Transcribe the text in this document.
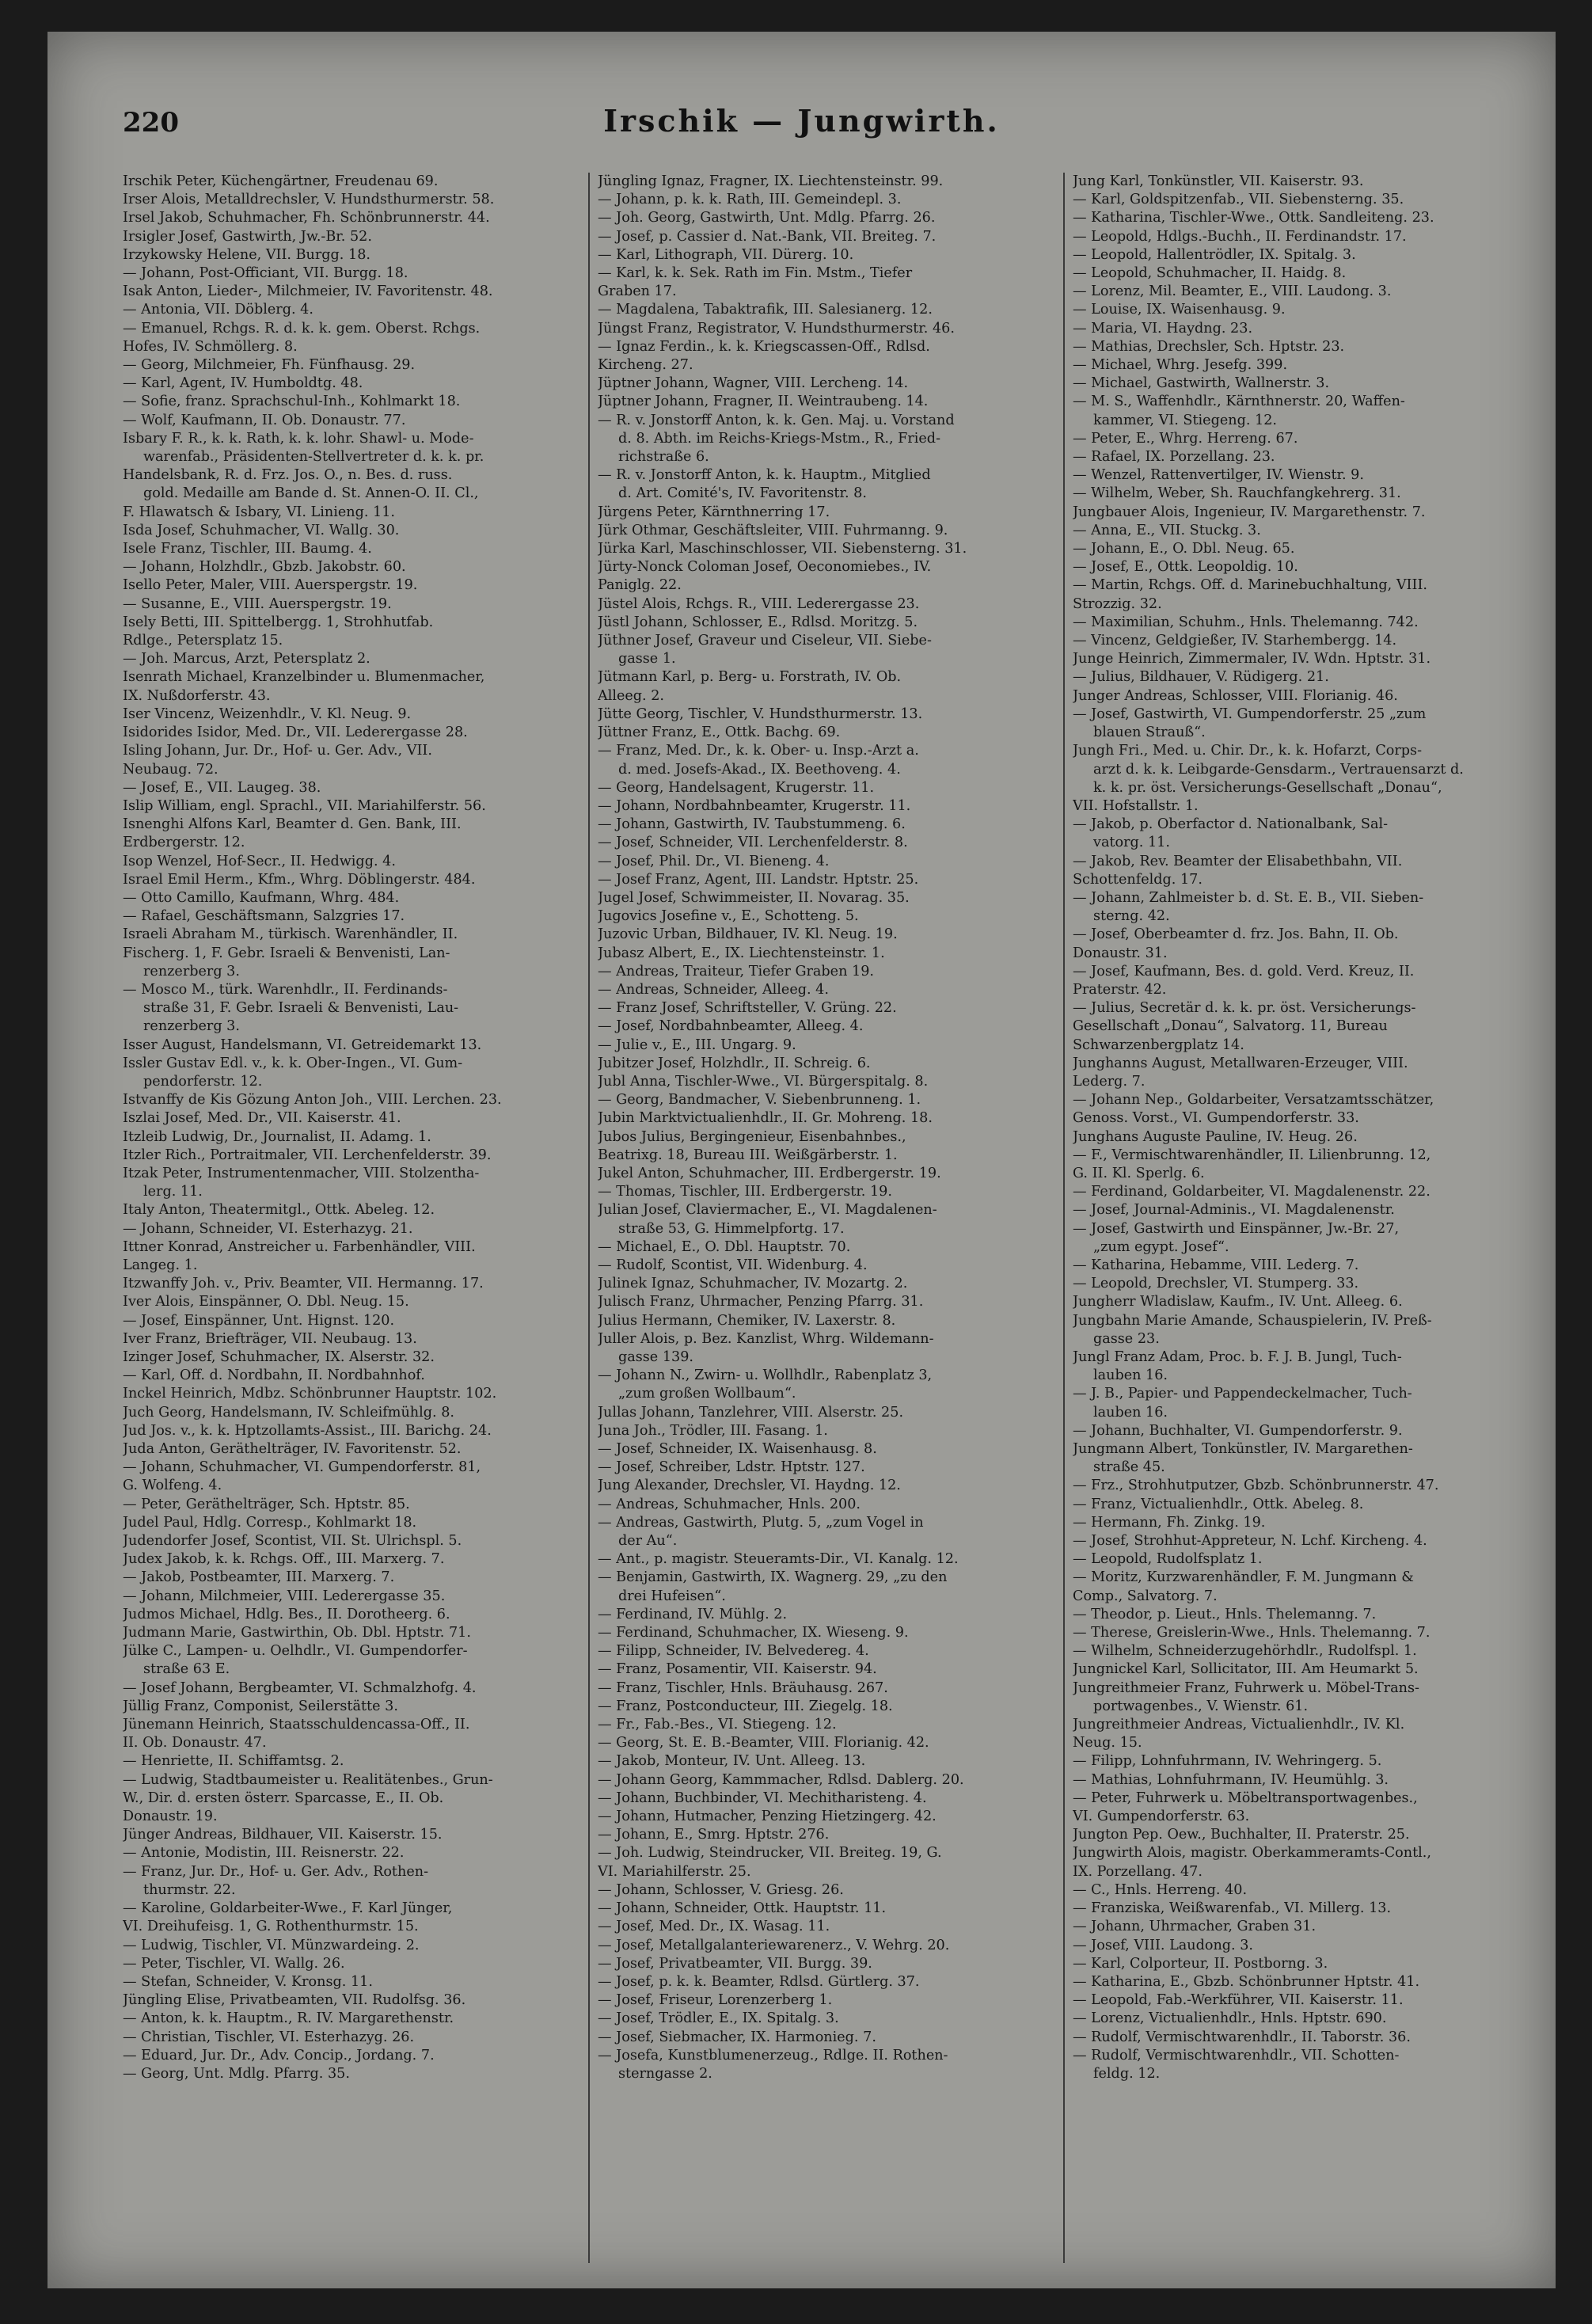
220	Irschik — Jungwirth.
Irschik Peter, Küchengärtner, Freudenau 69.
Irser Alois, Metalldrechsler, V. Hundsthurmerstr. 58.
Irsel Jakob, Schuhmacher, Fh. Schönbrunnerstr. 44.
Irsigler Josef, Gastwirth, Jw.-Br. 52.
Irzykowsky Helene, VII. Burgg. 18.
— Johann, Post-Officiant, VII. Burgg. 18.
Isak Anton, Lieder-, Milchmeier, IV. Favoritenstr. 48.
— Antonia, VII. Döblerg. 4.
— Emanuel, Rchgs. R. d. k. k. gem. Oberst. Rchgs.
Hofes, IV. Schmöllerg. 8.
— Georg, Milchmeier, Fh. Fünfhausg. 29.
— Karl, Agent, IV. Humboldtg. 48.
— Sofie, franz. Sprachschul-Inh., Kohlmarkt 18.
— Wolf, Kaufmann, II. Ob. Donaustr. 77.
Isbary F. R., k. k. Rath, k. k. lohr. Shawl- u. Mode-
warenfab., Präsidenten-Stellvertreter d. k. k. pr.
Handelsbank, R. d. Frz. Jos. O., n. Bes. d. russ.
gold. Medaille am Bande d. St. Annen-O. II. Cl.,
F. Hlawatsch & Isbary, VI. Linieng. 11.
Isda Josef, Schuhmacher, VI. Wallg. 30.
Isele Franz, Tischler, III. Baumg. 4.
— Johann, Holzhdlr., Gbzb. Jakobstr. 60.
Isello Peter, Maler, VIII. Auerspergstr. 19.
— Susanne, E., VIII. Auerspergstr. 19.
Isely Betti, III. Spittelbergg. 1, Strohhutfab.
Rdlge., Petersplatz 15.
— Joh. Marcus, Arzt, Petersplatz 2.
Isenrath Michael, Kranzelbinder u. Blumenmacher,
IX. Nußdorferstr. 43.
Iser Vincenz, Weizenhdlr., V. Kl. Neug. 9.
Isidorides Isidor, Med. Dr., VII. Lederergasse 28.
Isling Johann, Jur. Dr., Hof- u. Ger. Adv., VII.
Neubaug. 72.
— Josef, E., VII. Laugeg. 38.
Islip William, engl. Sprachl., VII. Mariahilferstr. 56.
Isnenghi Alfons Karl, Beamter d. Gen. Bank, III.
Erdbergerstr. 12.
Isop Wenzel, Hof-Secr., II. Hedwigg. 4.
Israel Emil Herm., Kfm., Whrg. Döblingerstr. 484.
— Otto Camillo, Kaufmann, Whrg. 484.
— Rafael, Geschäftsmann, Salzgries 17.
Israeli Abraham M., türkisch. Warenhändler, II.
Fischerg. 1, F. Gebr. Israeli & Benvenisti, Lan-
renzerberg 3.
— Mosco M., türk. Warenhdlr., II. Ferdinands-
straße 31, F. Gebr. Israeli & Benvenisti, Lau-
renzerberg 3.
Isser August, Handelsmann, VI. Getreidemarkt 13.
Issler Gustav Edl. v., k. k. Ober-Ingen., VI. Gum-
pendorferstr. 12.
Istvanffy de Kis Gözung Anton Joh., VIII. Lerchen. 23.
Iszlai Josef, Med. Dr., VII. Kaiserstr. 41.
Itzleib Ludwig, Dr., Journalist, II. Adamg. 1.
Itzler Rich., Portraitmaler, VII. Lerchenfelderstr. 39.
Itzak Peter, Instrumentenmacher, VIII. Stolzentha-
lerg. 11.
Italy Anton, Theatermitgl., Ottk. Abeleg. 12.
— Johann, Schneider, VI. Esterhazyg. 21.
Ittner Konrad, Anstreicher u. Farbenhändler, VIII.
Langeg. 1.
Itzwanffy Joh. v., Priv. Beamter, VII. Hermanng. 17.
Iver Alois, Einspänner, O. Dbl. Neug. 15.
— Josef, Einspänner, Unt. Hignst. 120.
Iver Franz, Briefträger, VII. Neubaug. 13.
Izinger Josef, Schuhmacher, IX. Alserstr. 32.
— Karl, Off. d. Nordbahn, II. Nordbahnhof.
Inckel Heinrich, Mdbz. Schönbrunner Hauptstr. 102.
Juch Georg, Handelsmann, IV. Schleifmühlg. 8.
Jud Jos. v., k. k. Hptzollamts-Assist., III. Barichg. 24.
Juda Anton, Geräthelträger, IV. Favoritenstr. 52.
— Johann, Schuhmacher, VI. Gumpendorferstr. 81,
G. Wolfeng. 4.
— Peter, Geräthelträger, Sch. Hptstr. 85.
Judel Paul, Hdlg. Corresp., Kohlmarkt 18.
Judendorfer Josef, Scontist, VII. St. Ulrichspl. 5.
Judex Jakob, k. k. Rchgs. Off., III. Marxerg. 7.
— Jakob, Postbeamter, III. Marxerg. 7.
— Johann, Milchmeier, VIII. Lederergasse 35.
Judmos Michael, Hdlg. Bes., II. Dorotheerg. 6.
Judmann Marie, Gastwirthin, Ob. Dbl. Hptstr. 71.
Jülke C., Lampen- u. Oelhdlr., VI. Gumpendorfer-
straße 63 E.
— Josef Johann, Bergbeamter, VI. Schmalzhofg. 4.
Jüllig Franz, Componist, Seilerstätte 3.
Jünemann Heinrich, Staatsschuldencassa-Off., II.
II. Ob. Donaustr. 47.
— Henriette, II. Schiffamtsg. 2.
— Ludwig, Stadtbaumeister u. Realitätenbes., Grun-
W., Dir. d. ersten österr. Sparcasse, E., II. Ob.
Donaustr. 19.
Jünger Andreas, Bildhauer, VII. Kaiserstr. 15.
— Antonie, Modistin, III. Reisnerstr. 22.
— Franz, Jur. Dr., Hof- u. Ger. Adv., Rothen-
thurmstr. 22.
— Karoline, Goldarbeiter-Wwe., F. Karl Jünger,
VI. Dreihufeisg. 1, G. Rothenthurmstr. 15.
— Ludwig, Tischler, VI. Münzwardeing. 2.
— Peter, Tischler, VI. Wallg. 26.
— Stefan, Schneider, V. Kronsg. 11.
Jüngling Elise, Privatbeamten, VII. Rudolfsg. 36.
— Anton, k. k. Hauptm., R. IV. Margarethenstr.
— Christian, Tischler, VI. Esterhazyg. 26.
— Eduard, Jur. Dr., Adv. Concip., Jordang. 7.
— Georg, Unt. Mdlg. Pfarrg. 35.
Jüngling Ignaz, Fragner, IX. Liechtensteinstr. 99.
— Johann, p. k. k. Rath, III. Gemeindepl. 3.
— Joh. Georg, Gastwirth, Unt. Mdlg. Pfarrg. 26.
— Josef, p. Cassier d. Nat.-Bank, VII. Breiteg. 7.
— Karl, Lithograph, VII. Dürerg. 10.
— Karl, k. k. Sek. Rath im Fin. Mstm., Tiefer
Graben 17.
— Magdalena, Tabaktrafik, III. Salesianerg. 12.
Jüngst Franz, Registrator, V. Hundsthurmerstr. 46.
— Ignaz Ferdin., k. k. Kriegscassen-Off., Rdlsd.
Kircheng. 27.
Jüptner Johann, Wagner, VIII. Lercheng. 14.
Jüptner Johann, Fragner, II. Weintraubeng. 14.
— R. v. Jonstorff Anton, k. k. Gen. Maj. u. Vorstand
d. 8. Abth. im Reichs-Kriegs-Mstm., R., Fried-
richstraße 6.
— R. v. Jonstorff Anton, k. k. Hauptm., Mitglied
d. Art. Comité's, IV. Favoritenstr. 8.
Jürgens Peter, Kärnthnerring 17.
Jürk Othmar, Geschäftsleiter, VIII. Fuhrmanng. 9.
Jürka Karl, Maschinschlosser, VII. Siebensterng. 31.
Jürty-Nonck Coloman Josef, Oeconomiebes., IV.
Paniglg. 22.
Jüstel Alois, Rchgs. R., VIII. Lederergasse 23.
Jüstl Johann, Schlosser, E., Rdlsd. Moritzg. 5.
Jüthner Josef, Graveur und Ciseleur, VII. Siebe-
gasse 1.
Jütmann Karl, p. Berg- u. Forstrath, IV. Ob.
Alleeg. 2.
Jütte Georg, Tischler, V. Hundsthurmerstr. 13.
Jüttner Franz, E., Ottk. Bachg. 69.
— Franz, Med. Dr., k. k. Ober- u. Insp.-Arzt a.
d. med. Josefs-Akad., IX. Beethoveng. 4.
— Georg, Handelsagent, Krugerstr. 11.
— Johann, Nordbahnbeamter, Krugerstr. 11.
— Johann, Gastwirth, IV. Taubstummeng. 6.
— Josef, Schneider, VII. Lerchenfelderstr. 8.
— Josef, Phil. Dr., VI. Bieneng. 4.
— Josef Franz, Agent, III. Landstr. Hptstr. 25.
Jugel Josef, Schwimmeister, II. Novarag. 35.
Jugovics Josefine v., E., Schotteng. 5.
Juzovic Urban, Bildhauer, IV. Kl. Neug. 19.
Jubasz Albert, E., IX. Liechtensteinstr. 1.
— Andreas, Traiteur, Tiefer Graben 19.
— Andreas, Schneider, Alleeg. 4.
— Franz Josef, Schriftsteller, V. Grüng. 22.
— Josef, Nordbahnbeamter, Alleeg. 4.
— Julie v., E., III. Ungarg. 9.
Jubitzer Josef, Holzhdlr., II. Schreig. 6.
Jubl Anna, Tischler-Wwe., VI. Bürgerspitalg. 8.
— Georg, Bandmacher, V. Siebenbrunneng. 1.
Jubin Marktvictualienhdlr., II. Gr. Mohreng. 18.
Jubos Julius, Bergingenieur, Eisenbahnbes.,
Beatrixg. 18, Bureau III. Weißgärberstr. 1.
Jukel Anton, Schuhmacher, III. Erdbergerstr. 19.
— Thomas, Tischler, III. Erdbergerstr. 19.
Julian Josef, Claviermacher, E., VI. Magdalenen-
straße 53, G. Himmelpfortg. 17.
— Michael, E., O. Dbl. Hauptstr. 70.
— Rudolf, Scontist, VII. Widenburg. 4.
Julinek Ignaz, Schuhmacher, IV. Mozartg. 2.
Julisch Franz, Uhrmacher, Penzing Pfarrg. 31.
Julius Hermann, Chemiker, IV. Laxerstr. 8.
Juller Alois, p. Bez. Kanzlist, Whrg. Wildemann-
gasse 139.
— Johann N., Zwirn- u. Wollhdlr., Rabenplatz 3,
„zum großen Wollbaum“.
Jullas Johann, Tanzlehrer, VIII. Alserstr. 25.
Juna Joh., Trödler, III. Fasang. 1.
— Josef, Schneider, IX. Waisenhausg. 8.
— Josef, Schreiber, Ldstr. Hptstr. 127.
Jung Alexander, Drechsler, VI. Haydng. 12.
— Andreas, Schuhmacher, Hnls. 200.
— Andreas, Gastwirth, Plutg. 5, „zum Vogel in
der Au“.
— Ant., p. magistr. Steueramts-Dir., VI. Kanalg. 12.
— Benjamin, Gastwirth, IX. Wagnerg. 29, „zu den
drei Hufeisen“.
— Ferdinand, IV. Mühlg. 2.
— Ferdinand, Schuhmacher, IX. Wieseng. 9.
— Filipp, Schneider, IV. Belvedereg. 4.
— Franz, Posamentir, VII. Kaiserstr. 94.
— Franz, Tischler, Hnls. Bräuhausg. 267.
— Franz, Postconducteur, III. Ziegelg. 18.
— Fr., Fab.-Bes., VI. Stiegeng. 12.
— Georg, St. E. B.-Beamter, VIII. Florianig. 42.
— Jakob, Monteur, IV. Unt. Alleeg. 13.
— Johann Georg, Kammmacher, Rdlsd. Dablerg. 20.
— Johann, Buchbinder, VI. Mechitharisteng. 4.
— Johann, Hutmacher, Penzing Hietzingerg. 42.
— Johann, E., Smrg. Hptstr. 276.
— Joh. Ludwig, Steindrucker, VII. Breiteg. 19, G.
VI. Mariahilferstr. 25.
— Johann, Schlosser, V. Griesg. 26.
— Johann, Schneider, Ottk. Hauptstr. 11.
— Josef, Med. Dr., IX. Wasag. 11.
— Josef, Metallgalanteriewarenerz., V. Wehrg. 20.
— Josef, Privatbeamter, VII. Burgg. 39.
— Josef, p. k. k. Beamter, Rdlsd. Gürtlerg. 37.
— Josef, Friseur, Lorenzerberg 1.
— Josef, Trödler, E., IX. Spitalg. 3.
— Josef, Siebmacher, IX. Harmonieg. 7.
— Josefa, Kunstblumenerzeug., Rdlge. II. Rothen-
sterngasse 2.
Jung Karl, Tonkünstler, VII. Kaiserstr. 93.
— Karl, Goldspitzenfab., VII. Siebensterng. 35.
— Katharina, Tischler-Wwe., Ottk. Sandleiteng. 23.
— Leopold, Hdlgs.-Buchh., II. Ferdinandstr. 17.
— Leopold, Hallentrödler, IX. Spitalg. 3.
— Leopold, Schuhmacher, II. Haidg. 8.
— Lorenz, Mil. Beamter, E., VIII. Laudong. 3.
— Louise, IX. Waisenhausg. 9.
— Maria, VI. Haydng. 23.
— Mathias, Drechsler, Sch. Hptstr. 23.
— Michael, Whrg. Jesefg. 399.
— Michael, Gastwirth, Wallnerstr. 3.
— M. S., Waffenhdlr., Kärnthnerstr. 20, Waffen-
kammer, VI. Stiegeng. 12.
— Peter, E., Whrg. Herreng. 67.
— Rafael, IX. Porzellang. 23.
— Wenzel, Rattenvertilger, IV. Wienstr. 9.
— Wilhelm, Weber, Sh. Rauchfangkehrerg. 31.
Jungbauer Alois, Ingenieur, IV. Margarethenstr. 7.
— Anna, E., VII. Stuckg. 3.
— Johann, E., O. Dbl. Neug. 65.
— Josef, E., Ottk. Leopoldig. 10.
— Martin, Rchgs. Off. d. Marinebuchhaltung, VIII.
Strozzig. 32.
— Maximilian, Schuhm., Hnls. Thelemanng. 742.
— Vincenz, Geldgießer, IV. Starhembergg. 14.
Junge Heinrich, Zimmermaler, IV. Wdn. Hptstr. 31.
— Julius, Bildhauer, V. Rüdigerg. 21.
Junger Andreas, Schlosser, VIII. Florianig. 46.
— Josef, Gastwirth, VI. Gumpendorferstr. 25 „zum
blauen Strauß“.
Jungh Fri., Med. u. Chir. Dr., k. k. Hofarzt, Corps-
arzt d. k. k. Leibgarde-Gensdarm., Vertrauensarzt d.
k. k. pr. öst. Versicherungs-Gesellschaft „Donau“,
VII. Hofstallstr. 1.
— Jakob, p. Oberfactor d. Nationalbank, Sal-
vatorg. 11.
— Jakob, Rev. Beamter der Elisabethbahn, VII.
Schottenfeldg. 17.
— Johann, Zahlmeister b. d. St. E. B., VII. Sieben-
sterng. 42.
— Josef, Oberbeamter d. frz. Jos. Bahn, II. Ob.
Donaustr. 31.
— Josef, Kaufmann, Bes. d. gold. Verd. Kreuz, II.
Praterstr. 42.
— Julius, Secretär d. k. k. pr. öst. Versicherungs-
Gesellschaft „Donau“, Salvatorg. 11, Bureau
Schwarzenbergplatz 14.
Junghanns August, Metallwaren-Erzeuger, VIII.
Lederg. 7.
— Johann Nep., Goldarbeiter, Versatzamtsschätzer,
Genoss. Vorst., VI. Gumpendorferstr. 33.
Junghans Auguste Pauline, IV. Heug. 26.
— F., Vermischtwarenhändler, II. Lilienbrunng. 12,
G. II. Kl. Sperlg. 6.
— Ferdinand, Goldarbeiter, VI. Magdalenenstr. 22.
— Josef, Journal-Adminis., VI. Magdalenenstr.
— Josef, Gastwirth und Einspänner, Jw.-Br. 27,
„zum egypt. Josef“.
— Katharina, Hebamme, VIII. Lederg. 7.
— Leopold, Drechsler, VI. Stumperg. 33.
Jungherr Wladislaw, Kaufm., IV. Unt. Alleeg. 6.
Jungbahn Marie Amande, Schauspielerin, IV. Preß-
gasse 23.
Jungl Franz Adam, Proc. b. F. J. B. Jungl, Tuch-
lauben 16.
— J. B., Papier- und Pappendeckelmacher, Tuch-
lauben 16.
— Johann, Buchhalter, VI. Gumpendorferstr. 9.
Jungmann Albert, Tonkünstler, IV. Margarethen-
straße 45.
— Frz., Strohhutputzer, Gbzb. Schönbrunnerstr. 47.
— Franz, Victualienhdlr., Ottk. Abeleg. 8.
— Hermann, Fh. Zinkg. 19.
— Josef, Strohhut-Appreteur, N. Lchf. Kircheng. 4.
— Leopold, Rudolfsplatz 1.
— Moritz, Kurzwarenhändler, F. M. Jungmann &
Comp., Salvatorg. 7.
— Theodor, p. Lieut., Hnls. Thelemanng. 7.
— Therese, Greislerin-Wwe., Hnls. Thelemanng. 7.
— Wilhelm, Schneiderzugehörhdlr., Rudolfspl. 1.
Jungnickel Karl, Sollicitator, III. Am Heumarkt 5.
Jungreithmeier Franz, Fuhrwerk u. Möbel-Trans-
portwagenbes., V. Wienstr. 61.
Jungreithmeier Andreas, Victualienhdlr., IV. Kl.
Neug. 15.
— Filipp, Lohnfuhrmann, IV. Wehringerg. 5.
— Mathias, Lohnfuhrmann, IV. Heumühlg. 3.
— Peter, Fuhrwerk u. Möbeltransportwagenbes.,
VI. Gumpendorferstr. 63.
Jungton Pep. Oew., Buchhalter, II. Praterstr. 25.
Jungwirth Alois, magistr. Oberkammeramts-Contl.,
IX. Porzellang. 47.
— C., Hnls. Herreng. 40.
— Franziska, Weißwarenfab., VI. Millerg. 13.
— Johann, Uhrmacher, Graben 31.
— Josef, VIII. Laudong. 3.
— Karl, Colporteur, II. Postborng. 3.
— Katharina, E., Gbzb. Schönbrunner Hptstr. 41.
— Leopold, Fab.-Werkführer, VII. Kaiserstr. 11.
— Lorenz, Victualienhdlr., Hnls. Hptstr. 690.
— Rudolf, Vermischtwarenhdlr., II. Taborstr. 36.
— Rudolf, Vermischtwarenhdlr., VII. Schotten-
feldg. 12.
